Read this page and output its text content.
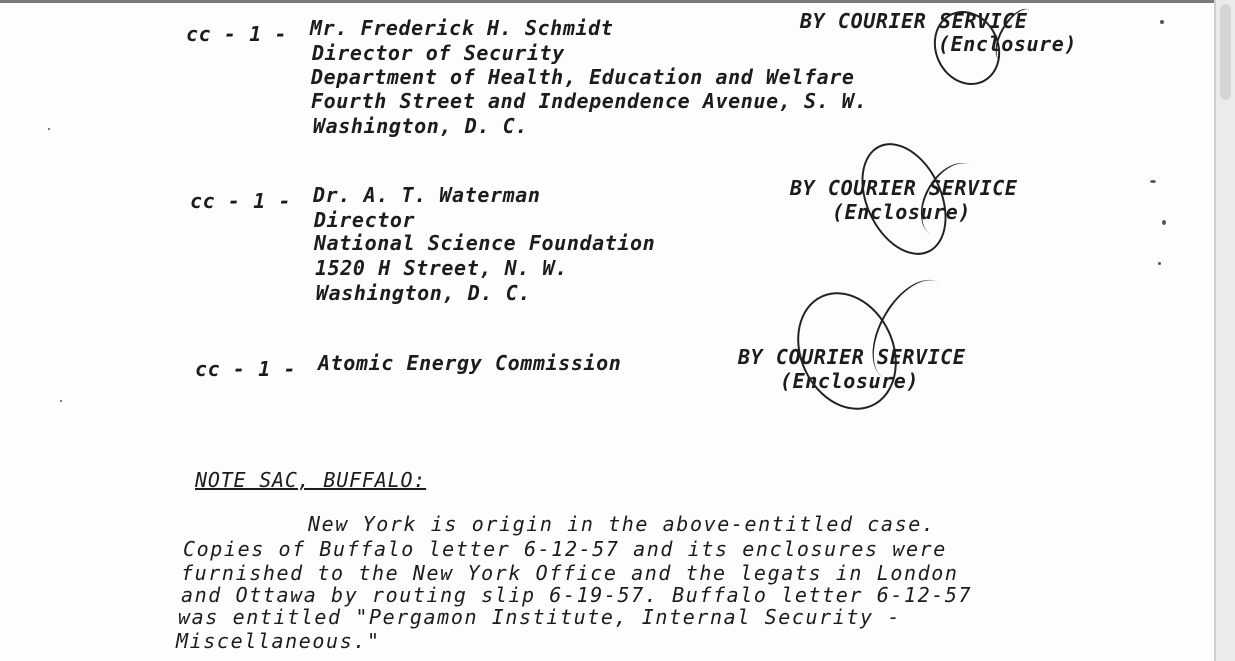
cc - 1 - Mr. Frederick H. Schmidt
Director of Security
Department of Health, Education and Welfare
Fourth Street and Independence Avenue, S. W.
Washington, D. C.
BY COURIER SERVICE
(Enclosure)
cc - 1 - Dr. A. T. Waterman
Director
National Science Foundation
1520 H Street, N. W.
Washington, D. C.
BY COURIER SERVICE
(Enclosure)
cc - 1 - Atomic Energy Commission	BY COURIER SERVICE
(Enclosure)
NOTE SAC, BUFFALO:
New York is origin in the above-entitled case.
Copies of Buffalo letter 6-12-57 and its enclosures were
furnished to the New York Office and the legats in London
and Ottawa by routing slip 6-19-57. Buffalo letter 6-12-57
was entitled "Pergamon Institute, Internal Security -
Miscellaneous."
